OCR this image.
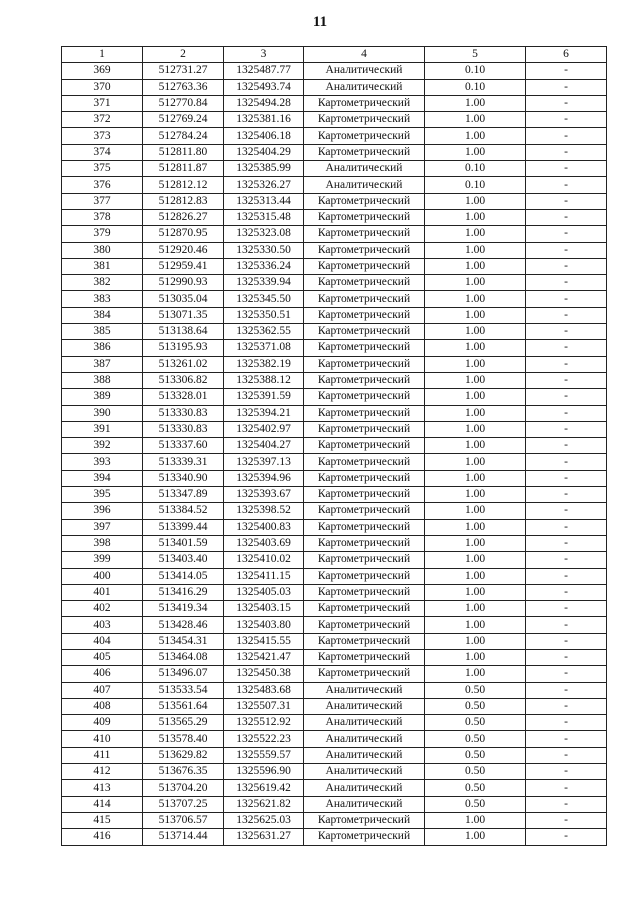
11
1	2	3	4	5	6
369	512731.27	1325487.77	Аналитический	0.10	-
370	512763.36	1325493.74	Аналитический	0.10	-
371	512770.84	1325494.28	Картометрический	1.00	-
372	512769.24	1325381.16	Картометрический	1.00	-
373	512784.24	1325406.18	Картометрический	1.00	-
374	512811.80	1325404.29	Картометрический	1.00	-
375	512811.87	1325385.99	Аналитический	0.10	-
376	512812.12	1325326.27	Аналитический	0.10	-
377	512812.83	1325313.44	Картометрический	1.00	-
378	512826.27	1325315.48	Картометрический	1.00	-
379	512870.95	1325323.08	Картометрический	1.00	-
380	512920.46	1325330.50	Картометрический	1.00	-
381	512959.41	1325336.24	Картометрический	1.00	-
382	512990.93	1325339.94	Картометрический	1.00	-
383	513035.04	1325345.50	Картометрический	1.00	-
384	513071.35	1325350.51	Картометрический	1.00	-
385	513138.64	1325362.55	Картометрический	1.00	-
386	513195.93	1325371.08	Картометрический	1.00	-
387	513261.02	1325382.19	Картометрический	1.00	-
388	513306.82	1325388.12	Картометрический	1.00	-
389	513328.01	1325391.59	Картометрический	1.00	-
390	513330.83	1325394.21	Картометрический	1.00	-
391	513330.83	1325402.97	Картометрический	1.00	-
392	513337.60	1325404.27	Картометрический	1.00	-
393	513339.31	1325397.13	Картометрический	1.00	-
394	513340.90	1325394.96	Картометрический	1.00	-
395	513347.89	1325393.67	Картометрический	1.00	-
396	513384.52	1325398.52	Картометрический	1.00	-
397	513399.44	1325400.83	Картометрический	1.00	-
398	513401.59	1325403.69	Картометрический	1.00	-
399	513403.40	1325410.02	Картометрический	1.00	-
400	513414.05	1325411.15	Картометрический	1.00	-
401	513416.29	1325405.03	Картометрический	1.00	-
402	513419.34	1325403.15	Картометрический	1.00	-
403	513428.46	1325403.80	Картометрический	1.00	-
404	513454.31	1325415.55	Картометрический	1.00	-
405	513464.08	1325421.47	Картометрический	1.00	-
406	513496.07	1325450.38	Картометрический	1.00	-
407	513533.54	1325483.68	Аналитический	0.50	-
408	513561.64	1325507.31	Аналитический	0.50	-
409	513565.29	1325512.92	Аналитический	0.50	-
410	513578.40	1325522.23	Аналитический	0.50	-
411	513629.82	1325559.57	Аналитический	0.50	-
412	513676.35	1325596.90	Аналитический	0.50	-
413	513704.20	1325619.42	Аналитический	0.50	-
414	513707.25	1325621.82	Аналитический	0.50	-
415	513706.57	1325625.03	Картометрический	1.00	-
416	513714.44	1325631.27	Картометрический	1.00	-
